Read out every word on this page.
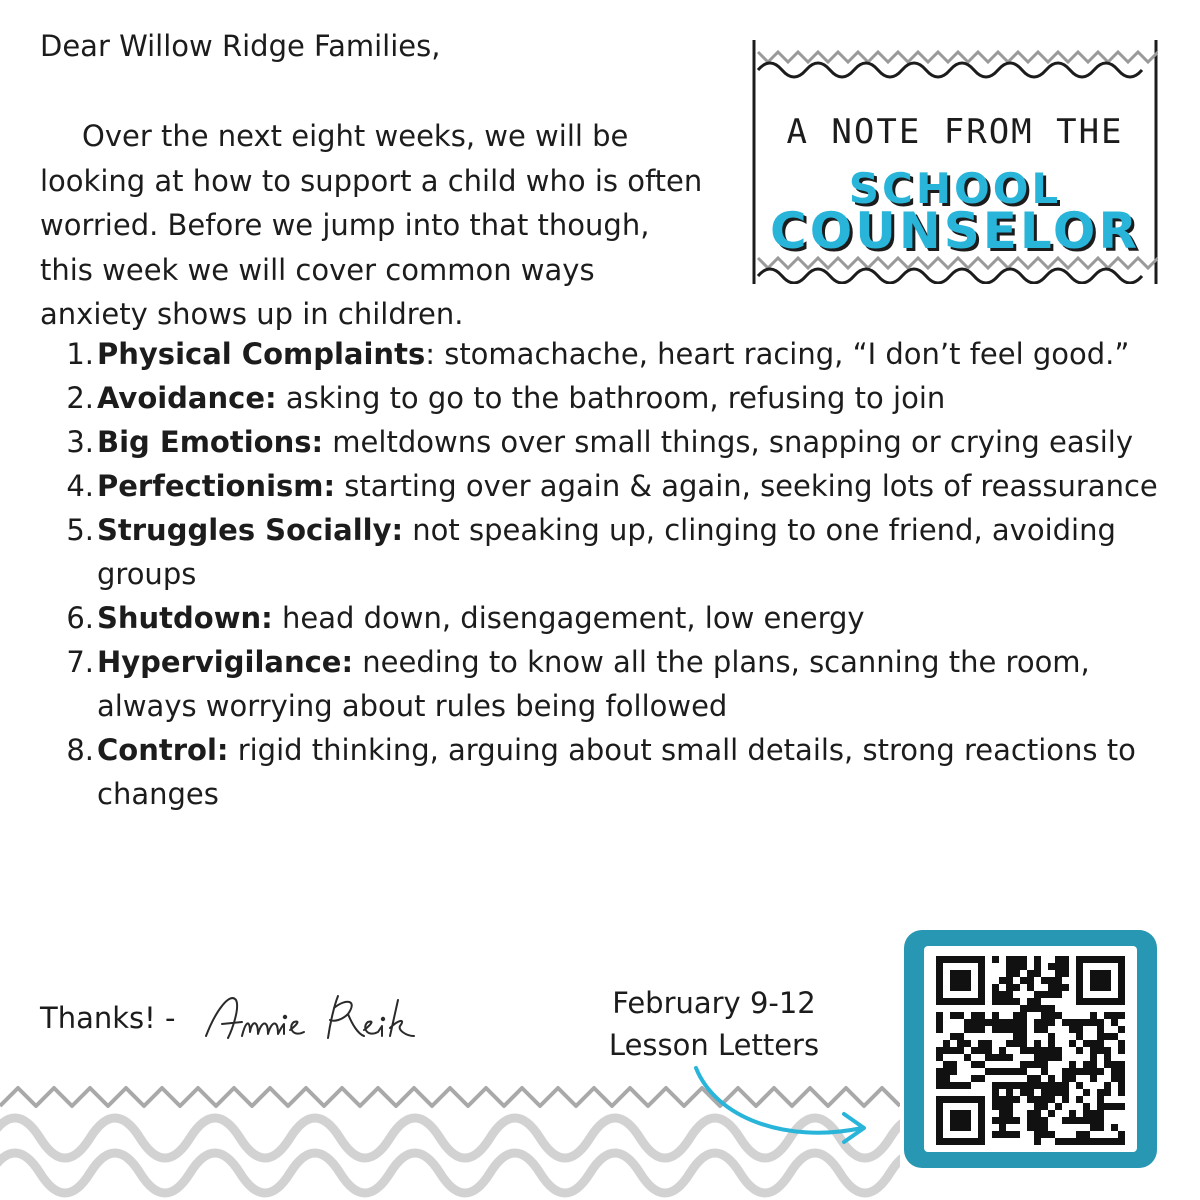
Dear Willow Ridge Families,

Over the next eight weeks, we will be looking at how to support a child who is often worried. Before we jump into that though, this week we will cover common ways anxiety shows up in children.

A NOTE FROM THE
SCHOOL
COUNSELOR
1. Physical Complaints: stomachache, heart racing, “I don’t feel good.”
2. Avoidance: asking to go to the bathroom, refusing to join
3. Big Emotions: meltdowns over small things, snapping or crying easily
4. Perfectionism: starting over again & again, seeking lots of reassurance
5. Struggles Socially: not speaking up, clinging to one friend, avoiding groups
6. Shutdown: head down, disengagement, low energy
7. Hypervigilance: needing to know all the plans, scanning the room, always worrying about rules being followed
8. Control: rigid thinking, arguing about small details, strong reactions to changes

Thanks! -	February 9-12
Lesson Letters
